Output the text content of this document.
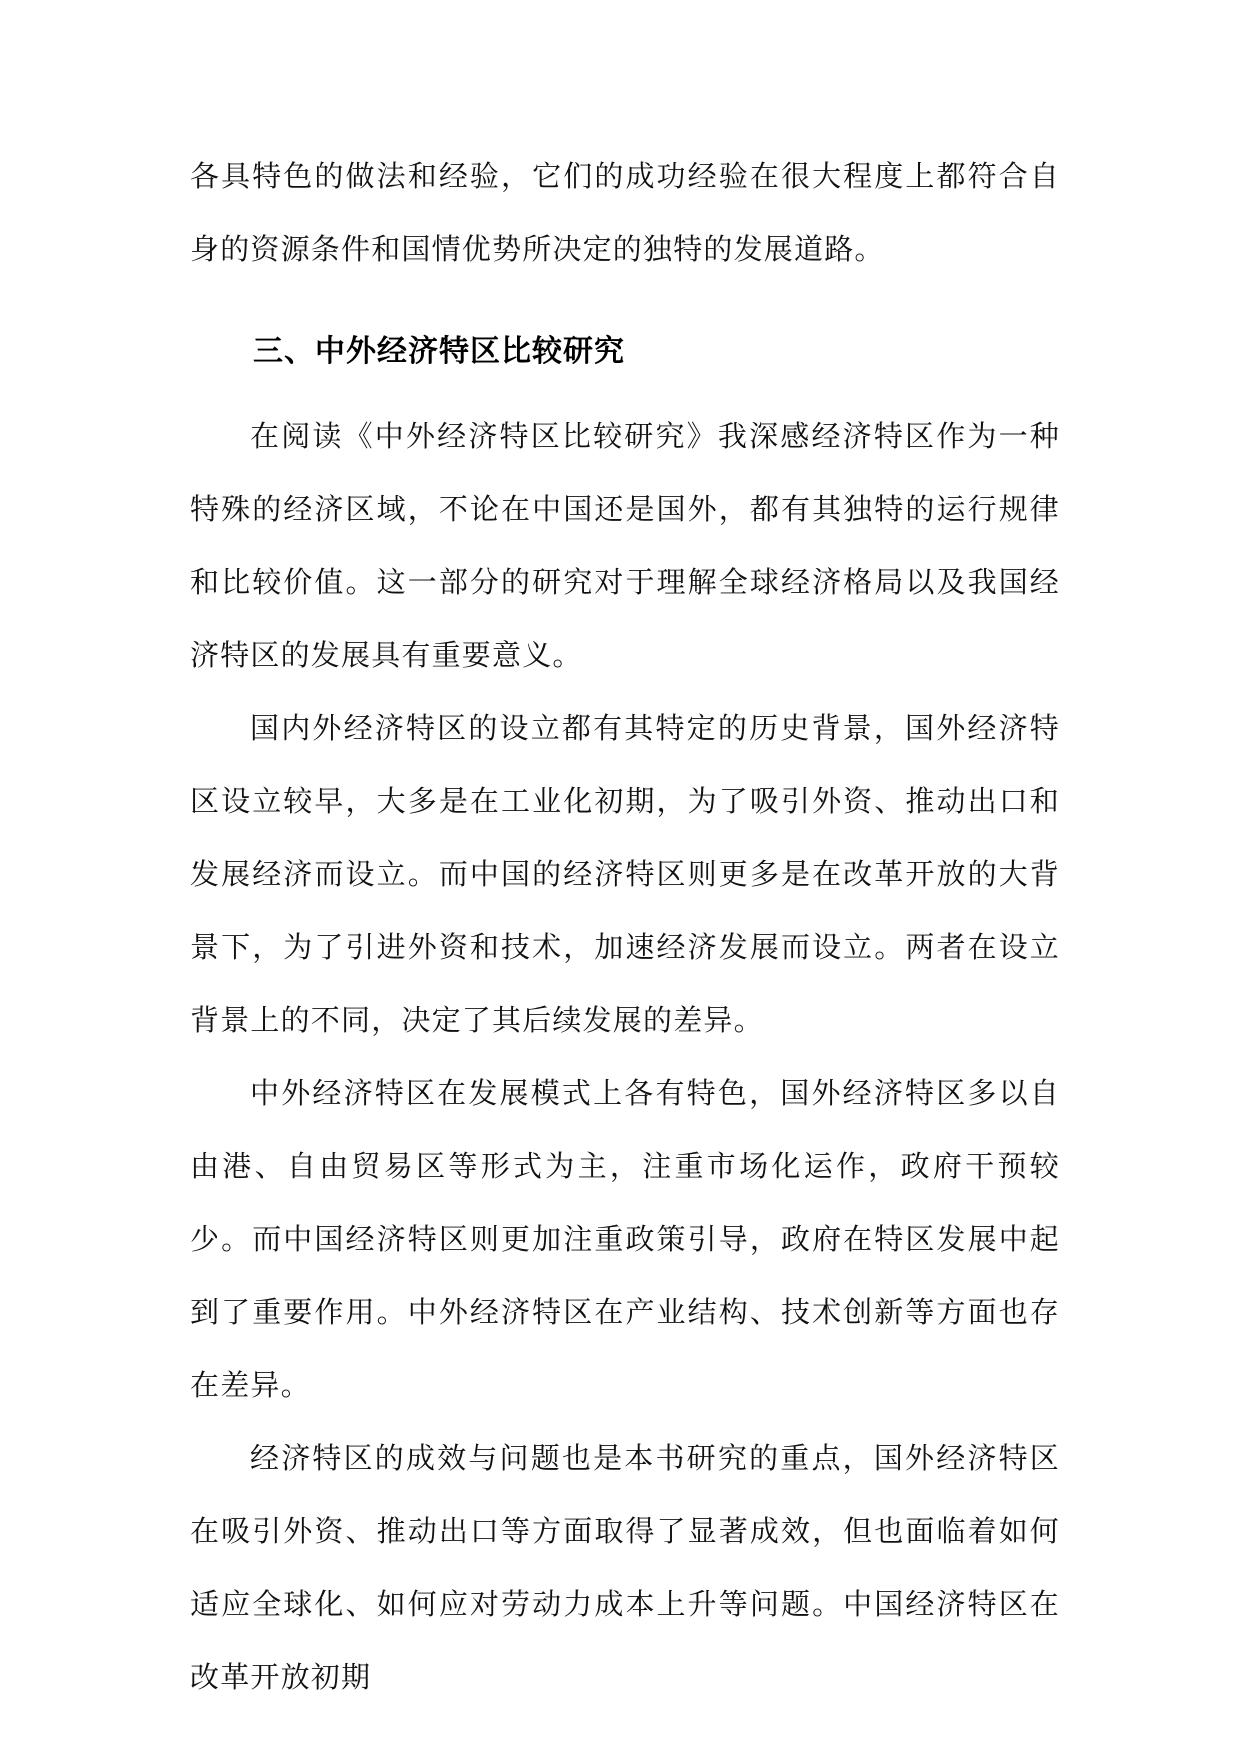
各具特色的做法和经验，它们的成功经验在很大程度上都符合自身的资源条件和国情优势所决定的独特的发展道路。

三、中外经济特区比较研究

在阅读《中外经济特区比较研究》我深感经济特区作为一种特殊的经济区域，不论在中国还是国外，都有其独特的运行规律和比较价值。这一部分的研究对于理解全球经济格局以及我国经济特区的发展具有重要意义。

国内外经济特区的设立都有其特定的历史背景，国外经济特区设立较早，大多是在工业化初期，为了吸引外资、推动出口和发展经济而设立。而中国的经济特区则更多是在改革开放的大背景下，为了引进外资和技术，加速经济发展而设立。两者在设立背景上的不同，决定了其后续发展的差异。

中外经济特区在发展模式上各有特色，国外经济特区多以自由港、自由贸易区等形式为主，注重市场化运作，政府干预较少。而中国经济特区则更加注重政策引导，政府在特区发展中起到了重要作用。中外经济特区在产业结构、技术创新等方面也存在差异。

经济特区的成效与问题也是本书研究的重点，国外经济特区在吸引外资、推动出口等方面取得了显著成效，但也面临着如何适应全球化、如何应对劳动力成本上升等问题。中国经济特区在改革开放初期
